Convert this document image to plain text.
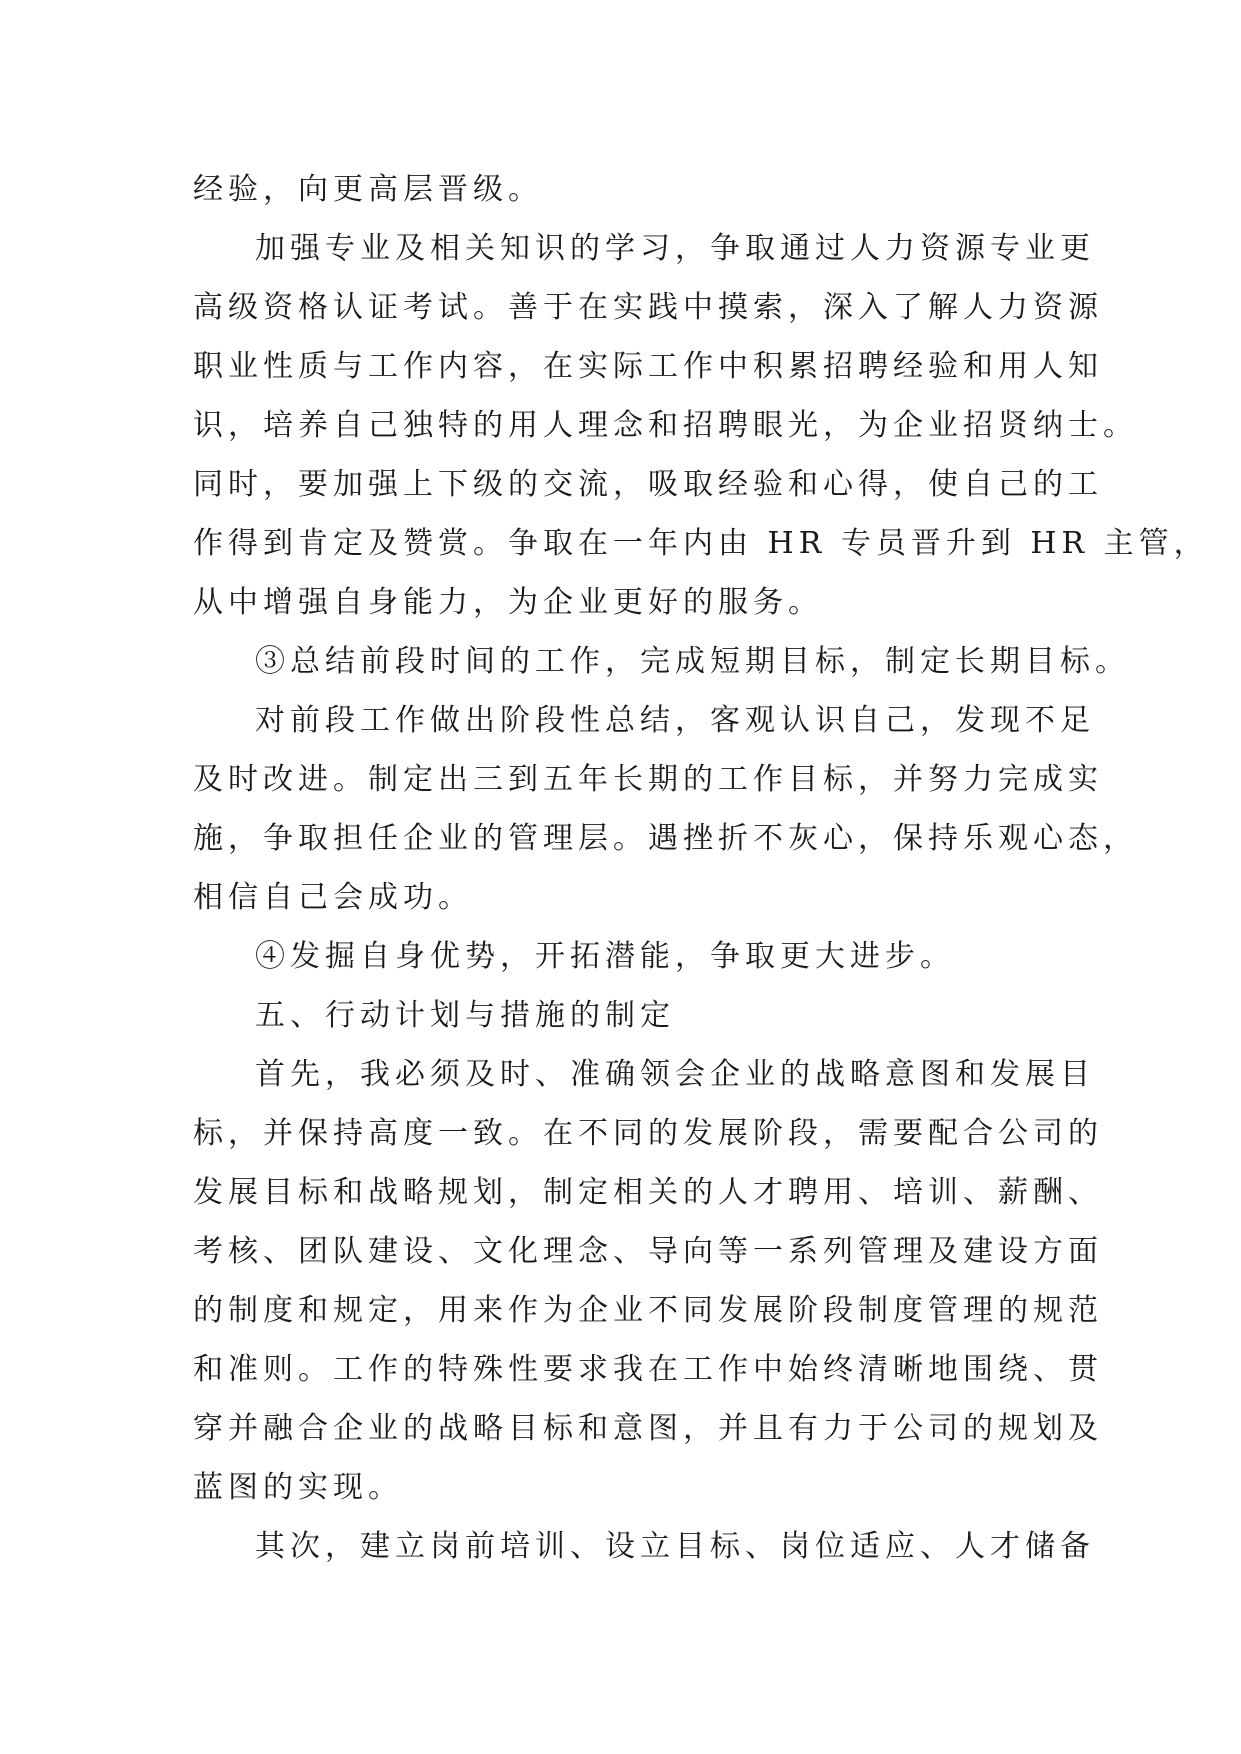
经验，向更高层晋级。
加强专业及相关知识的学习，争取通过人力资源专业更
高级资格认证考试。善于在实践中摸索，深入了解人力资源
职业性质与工作内容，在实际工作中积累招聘经验和用人知
识，培养自己独特的用人理念和招聘眼光，为企业招贤纳士。
同时，要加强上下级的交流，吸取经验和心得，使自己的工
作得到肯定及赞赏。争取在一年内由 HR 专员晋升到 HR 主管，
从中增强自身能力，为企业更好的服务。
③总结前段时间的工作，完成短期目标，制定长期目标。
对前段工作做出阶段性总结，客观认识自己，发现不足
及时改进。制定出三到五年长期的工作目标，并努力完成实
施，争取担任企业的管理层。遇挫折不灰心，保持乐观心态，
相信自己会成功。
④发掘自身优势，开拓潜能，争取更大进步。
五、行动计划与措施的制定
首先，我必须及时、准确领会企业的战略意图和发展目
标，并保持高度一致。在不同的发展阶段，需要配合公司的
发展目标和战略规划，制定相关的人才聘用、培训、薪酬、
考核、团队建设、文化理念、导向等一系列管理及建设方面
的制度和规定，用来作为企业不同发展阶段制度管理的规范
和准则。工作的特殊性要求我在工作中始终清晰地围绕、贯
穿并融合企业的战略目标和意图，并且有力于公司的规划及
蓝图的实现。
其次，建立岗前培训、设立目标、岗位适应、人才储备
